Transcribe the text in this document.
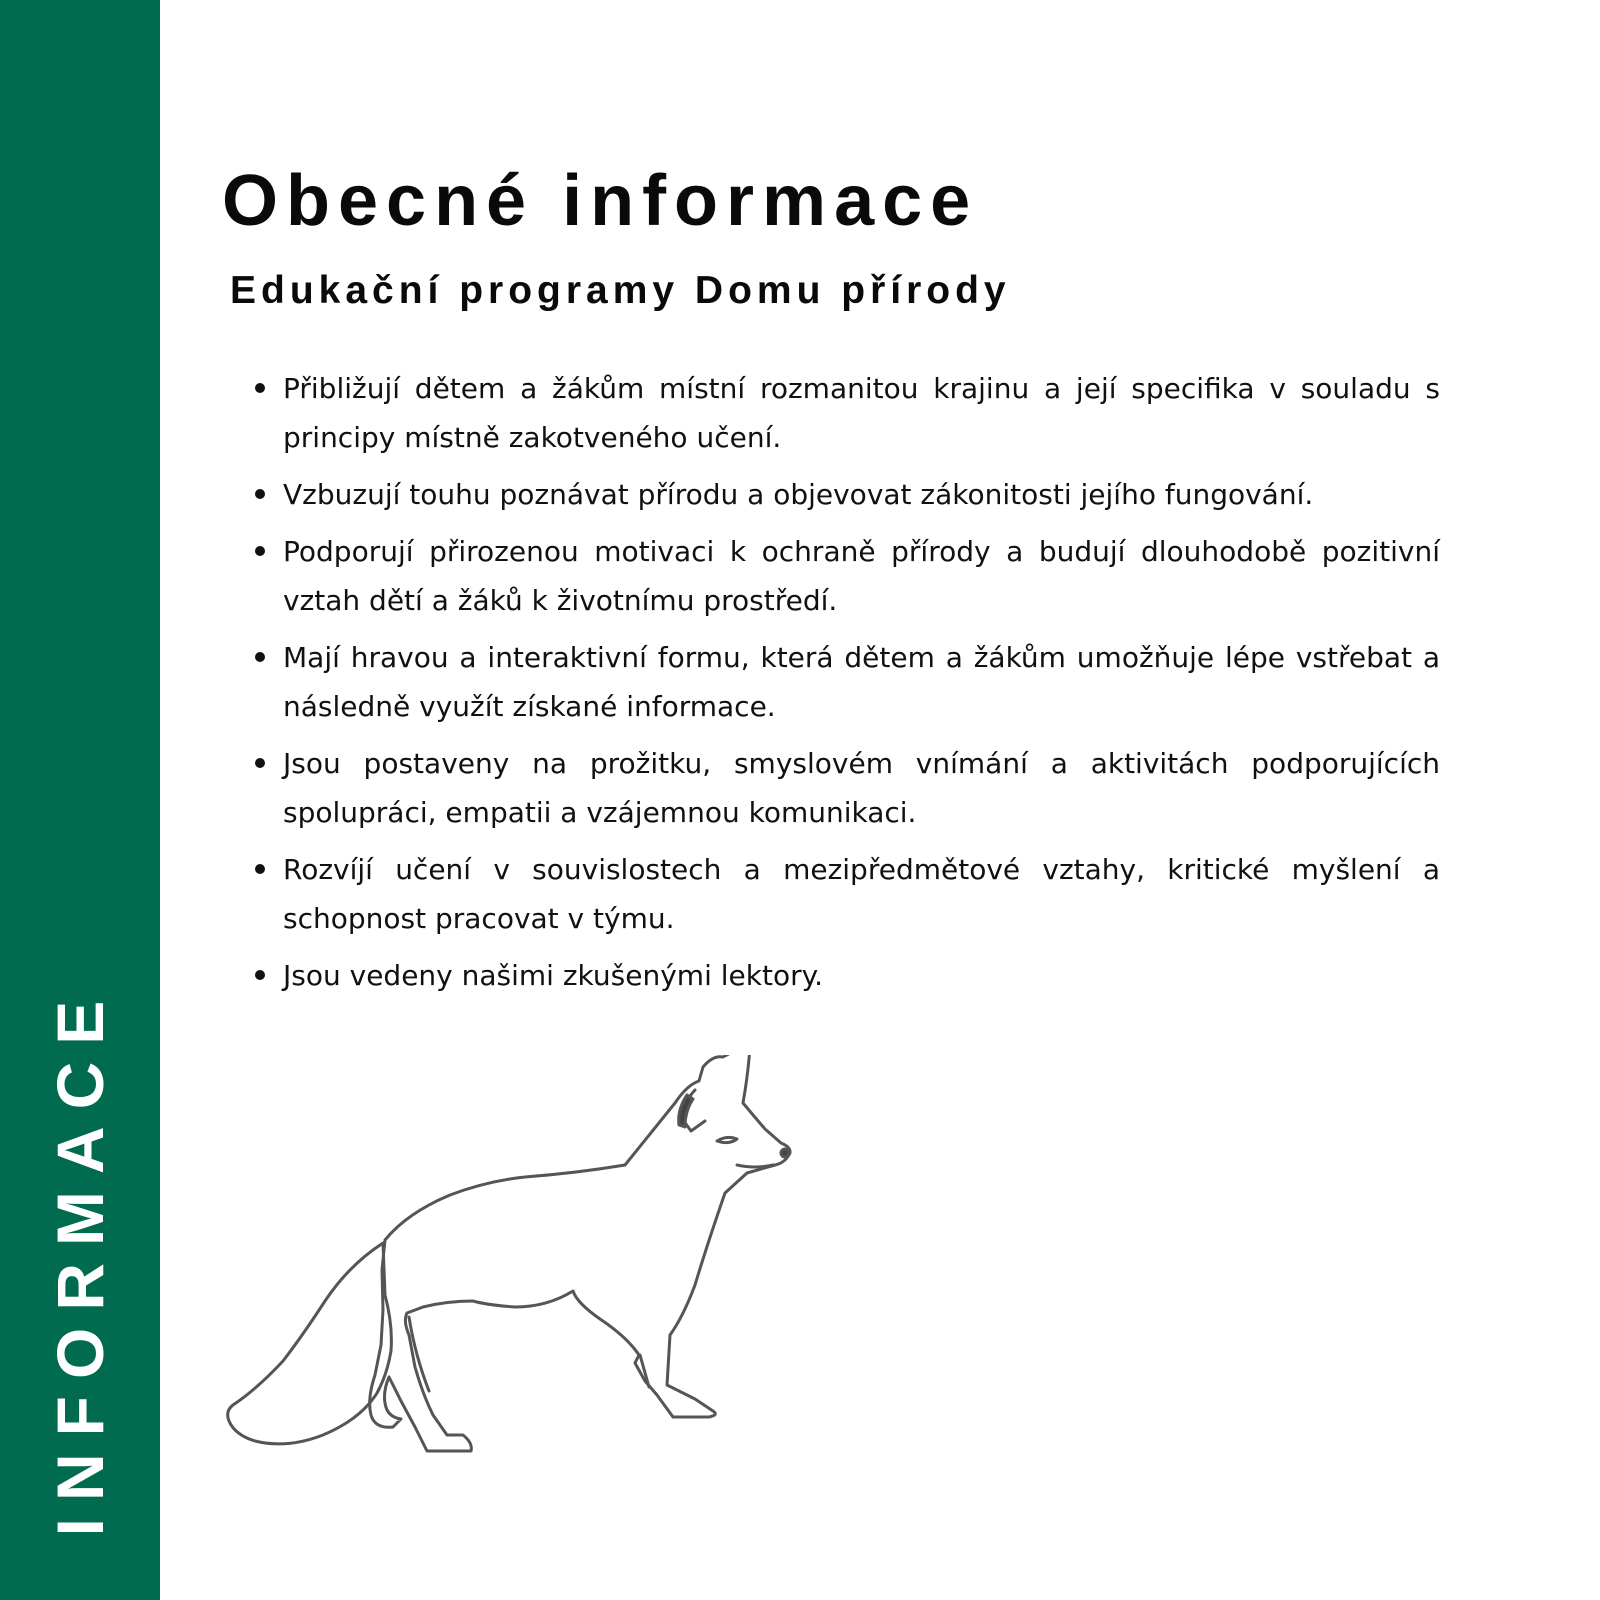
INFORMACE
Obecné informace
Edukační programy Domu přírody
Přibližují dětem a žákům místní rozmanitou krajinu a její specifika v souladu s principy místně zakotveného učení.
Vzbuzují touhu poznávat přírodu a objevovat zákonitosti jejího fungování.
Podporují přirozenou motivaci k ochraně přírody a budují dlouhodobě pozitivní vztah dětí a žáků k životnímu prostředí.
Mají hravou a interaktivní formu, která dětem a žákům umožňuje lépe vstřebat a následně využít získané informace.
Jsou postaveny na prožitku, smyslovém vnímání a aktivitách podporujících spolupráci, empatii a vzájemnou komunikaci.
Rozvíjí učení v souvislostech a mezipředmětové vztahy, kritické myšlení a schopnost pracovat v týmu.
Jsou vedeny našimi zkušenými lektory.
